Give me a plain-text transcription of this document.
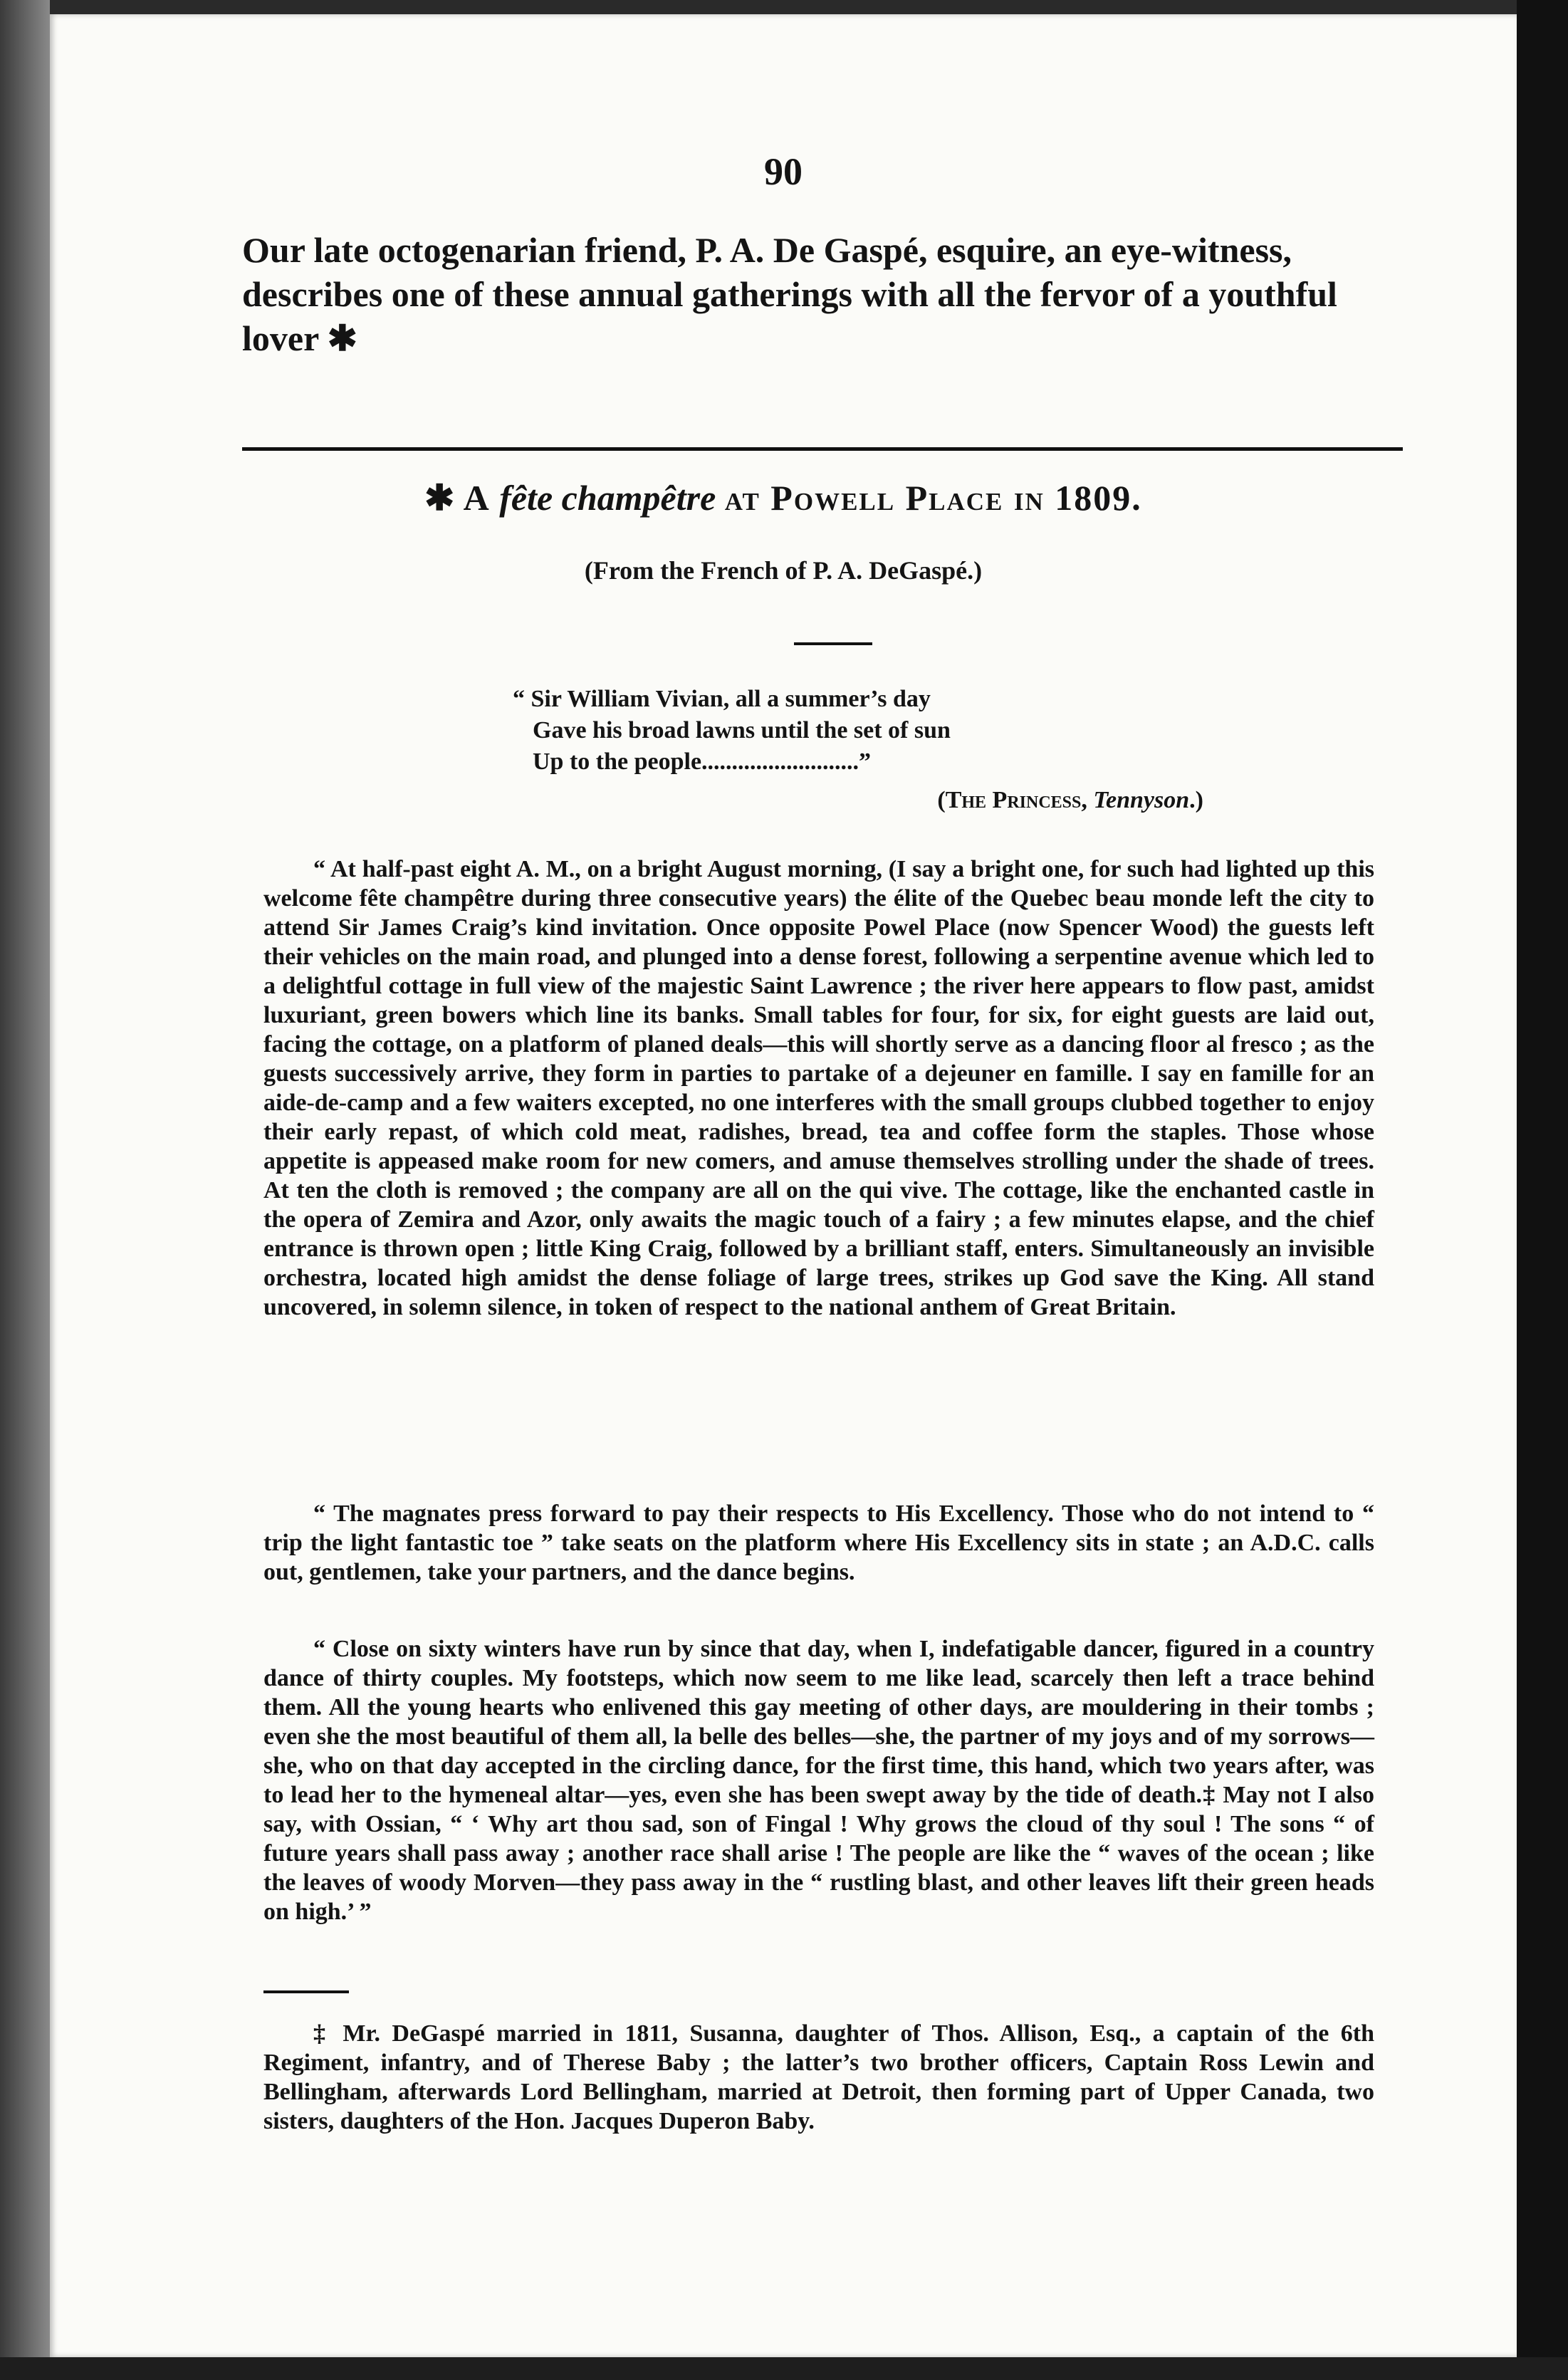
90
Our late octogenarian friend, P. A. De Gaspé, esquire, an eye-witness, describes one of these annual gatherings with all the fervor of a youthful lover ✱
✱ A fête champêtre at Powell Place in 1809.
(From the French of P. A. DeGaspé.)
“ Sir William Vivian, all a summer’s day
Gave his broad lawns until the set of sun
Up to the people..........................”
(The Princess, Tennyson.)
“ At half-past eight A. M., on a bright August morning, (I say a bright one, for such had lighted up this welcome fête champêtre during three consecutive years) the élite of the Quebec beau monde left the city to attend Sir James Craig’s kind invitation. Once opposite Powel Place (now Spencer Wood) the guests left their vehicles on the main road, and plunged into a dense forest, following a serpentine avenue which led to a delightful cottage in full view of the majestic Saint Lawrence ; the river here appears to flow past, amidst luxuriant, green bowers which line its banks. Small tables for four, for six, for eight guests are laid out, facing the cottage, on a platform of planed deals—this will shortly serve as a dancing floor al fresco ; as the guests successively arrive, they form in parties to partake of a dejeuner en famille. I say en famille for an aide-de-camp and a few waiters excepted, no one interferes with the small groups clubbed together to enjoy their early repast, of which cold meat, radishes, bread, tea and coffee form the staples. Those whose appetite is appeased make room for new comers, and amuse themselves strolling under the shade of trees. At ten the cloth is removed ; the company are all on the qui vive. The cottage, like the enchanted castle in the opera of Zemira and Azor, only awaits the magic touch of a fairy ; a few minutes elapse, and the chief entrance is thrown open ; little King Craig, followed by a brilliant staff, enters. Simultaneously an invisible orchestra, located high amidst the dense foliage of large trees, strikes up God save the King. All stand uncovered, in solemn silence, in token of respect to the national anthem of Great Britain.
“ The magnates press forward to pay their respects to His Excellency. Those who do not intend to “ trip the light fantastic toe ” take seats on the platform where His Excellency sits in state ; an A.D.C. calls out, gentlemen, take your partners, and the dance begins.
“ Close on sixty winters have run by since that day, when I, indefatigable dancer, figured in a country dance of thirty couples. My footsteps, which now seem to me like lead, scarcely then left a trace behind them. All the young hearts who enlivened this gay meeting of other days, are mouldering in their tombs ; even she the most beautiful of them all, la belle des belles—she, the partner of my joys and of my sorrows—she, who on that day accepted in the circling dance, for the first time, this hand, which two years after, was to lead her to the hymeneal altar—yes, even she has been swept away by the tide of death.‡ May not I also say, with Ossian, “ ‘ Why art thou sad, son of Fingal ! Why grows the cloud of thy soul ! The sons “ of future years shall pass away ; another race shall arise ! The people are like the “ waves of the ocean ; like the leaves of woody Morven—they pass away in the “ rustling blast, and other leaves lift their green heads on high.’ ”
‡ Mr. DeGaspé married in 1811, Susanna, daughter of Thos. Allison, Esq., a captain of the 6th Regiment, infantry, and of Therese Baby ; the latter’s two brother officers, Captain Ross Lewin and Bellingham, afterwards Lord Bellingham, married at Detroit, then forming part of Upper Canada, two sisters, daughters of the Hon. Jacques Duperon Baby.
